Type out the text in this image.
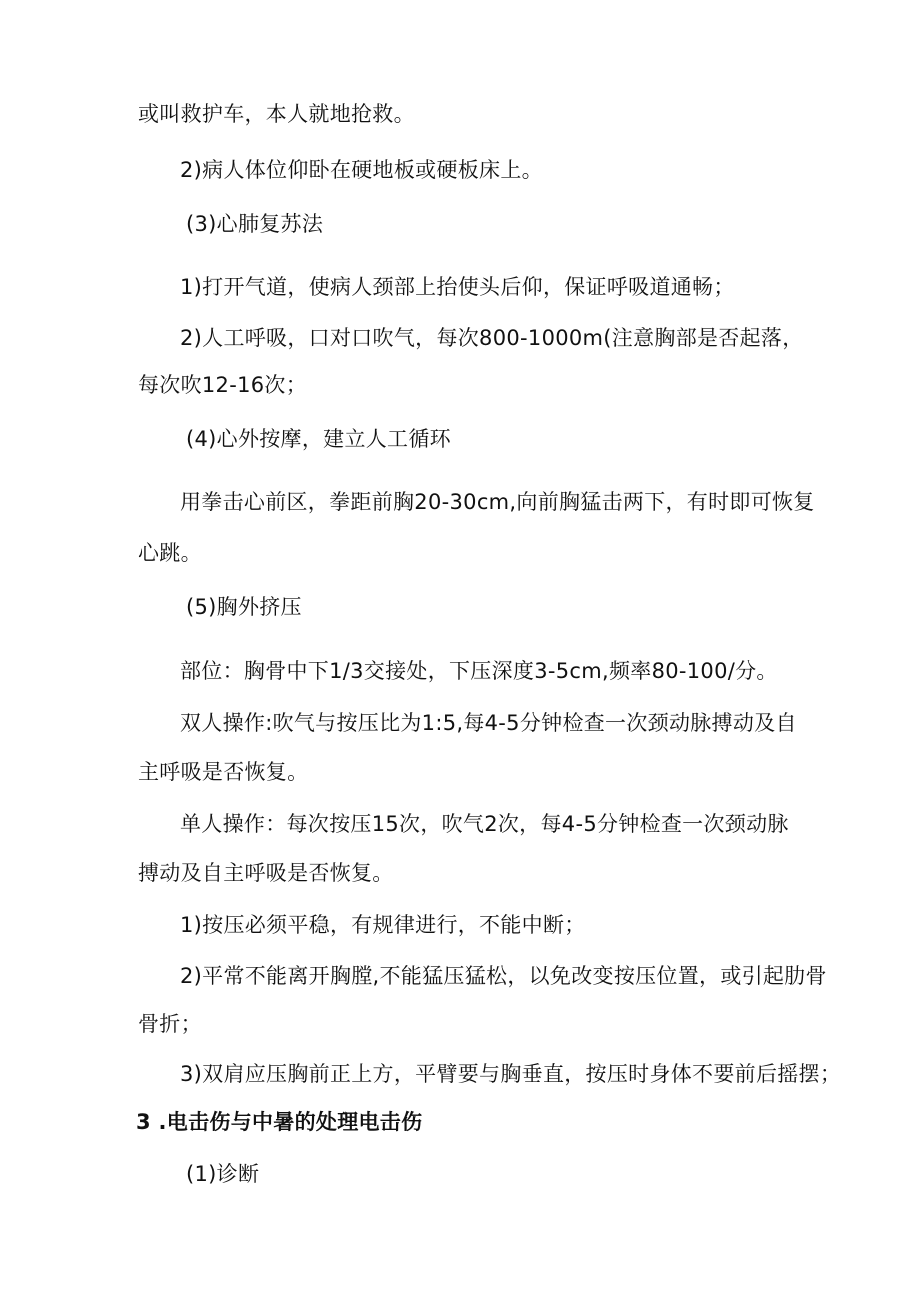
或叫救护车，本人就地抢救。
2)病人体位仰卧在硬地板或硬板床上。
(3)心肺复苏法
1)打开气道，使病人颈部上抬使头后仰，保证呼吸道通畅；
2)人工呼吸，口对口吹气，每次800-1000m(注意胸部是否起落，
每次吹12-16次；
(4)心外按摩，建立人工循环
用拳击心前区，拳距前胸20-30cm,向前胸猛击两下，有时即可恢复
心跳。
(5)胸外挤压
部位：胸骨中下1/3交接处，下压深度3-5cm,频率80-100/分。
双人操作:吹气与按压比为1:5,每4-5分钟检查一次颈动脉搏动及自
主呼吸是否恢复。
单人操作：每次按压15次，吹气2次，每4-5分钟检查一次颈动脉
搏动及自主呼吸是否恢复。
1)按压必须平稳，有规律进行，不能中断；
2)平常不能离开胸膛,不能猛压猛松，以免改变按压位置，或引起肋骨
骨折；
3)双肩应压胸前正上方，平臂要与胸垂直，按压时身体不要前后摇摆；
3 .电击伤与中暑的处理电击伤
(1)诊断
